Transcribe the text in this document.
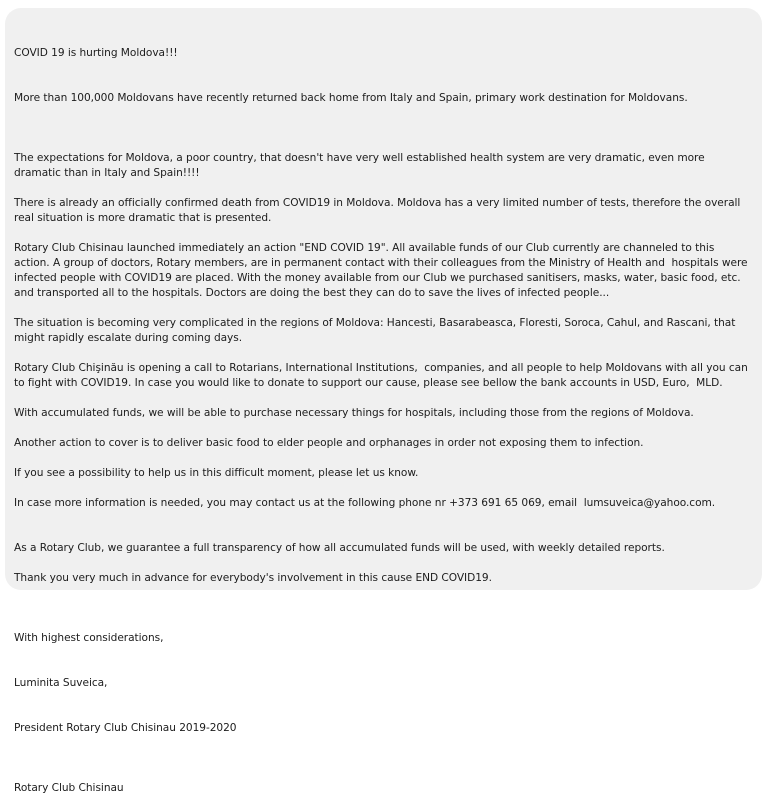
COVID 19 is hurting Moldova!!!

More than 100,000 Moldovans have recently returned back home from Italy and Spain, primary work destination for Moldovans.

The expectations for Moldova, a poor country, that doesn't have very well established health system are very dramatic, even more dramatic than in Italy and Spain!!!!
There is already an officially confirmed death from COVID19 in Moldova. Moldova has a very limited number of tests, therefore the overall real situation is more dramatic that is presented.
Rotary Club Chisinau launched immediately an action "END COVID 19". All available funds of our Club currently are channeled to this action. A group of doctors, Rotary members, are in permanent contact with their colleagues from the Ministry of Health and  hospitals were infected people with COVID19 are placed. With the money available from our Club we purchased sanitisers, masks, water, basic food, etc. and transported all to the hospitals. Doctors are doing the best they can do to save the lives of infected people...
The situation is becoming very complicated in the regions of Moldova: Hancesti, Basarabeasca, Floresti, Soroca, Cahul, and Rascani, that might rapidly escalate during coming days.
Rotary Club Chişinău is opening a call to Rotarians, International Institutions,  companies, and all people to help Moldovans with all you can to fight with COVID19. In case you would like to donate to support our cause, please see bellow the bank accounts in USD, Euro,  MLD.
With accumulated funds, we will be able to purchase necessary things for hospitals, including those from the regions of Moldova.
Another action to cover is to deliver basic food to elder people and orphanages in order not exposing them to infection.
If you see a possibility to help us in this difficult moment, please let us know.
In case more information is needed, you may contact us at the following phone nr +373 691 65 069, email  lumsuveica@yahoo.com.
As a Rotary Club, we guarantee a full transparency of how all accumulated funds will be used, with weekly detailed reports.
Thank you very much in advance for everybody's involvement in this cause END COVID19.

With highest considerations,

Luminita Suveica,

President Rotary Club Chisinau 2019-2020

Rotary Club Chisinau
